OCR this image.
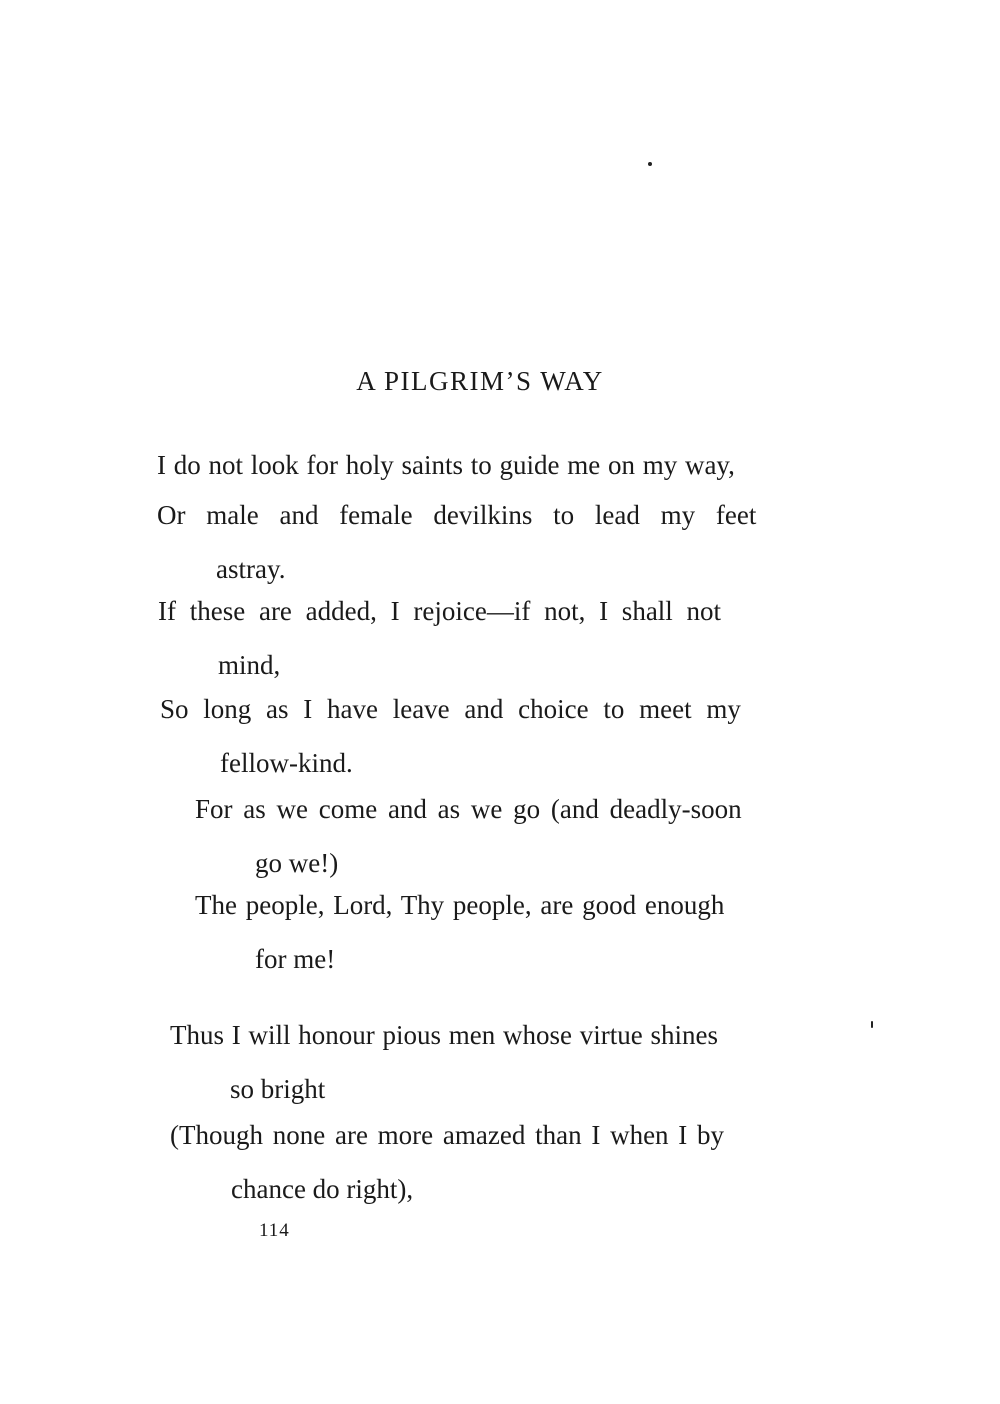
A PILGRIM’S WAY
I do not look for holy saints to guide me on my way,
Or male and female devilkins to lead my feet
astray.
If these are added, I rejoice—if not, I shall not
mind,
So long as I have leave and choice to meet my
fellow-kind.
For as we come and as we go (and deadly-soon
go we!)
The people, Lord, Thy people, are good enough
for me!
Thus I will honour pious men whose virtue shines
so bright
(Though none are more amazed than I when I by
chance do right),
114
